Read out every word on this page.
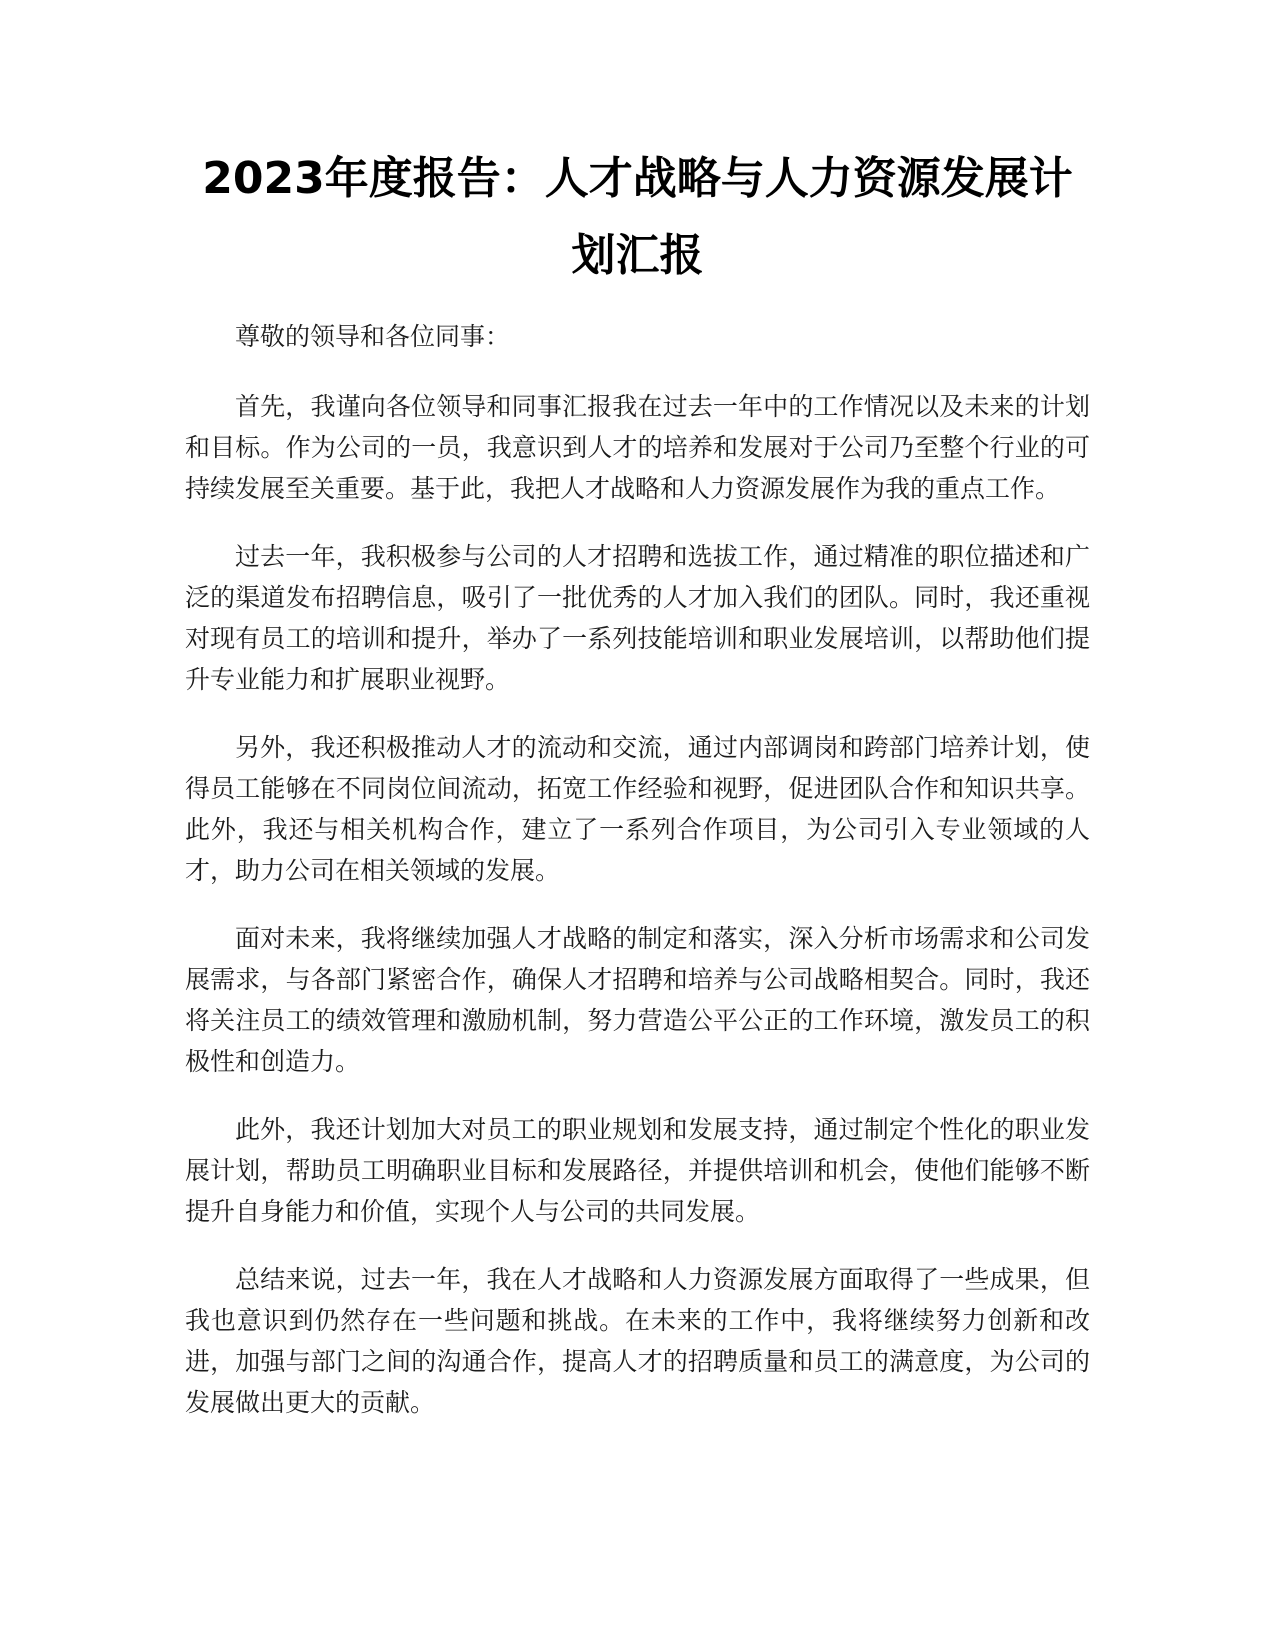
2023年度报告：人才战略与人力资源发展计划汇报

尊敬的领导和各位同事：

首先，我谨向各位领导和同事汇报我在过去一年中的工作情况以及未来的计划和目标。作为公司的一员，我意识到人才的培养和发展对于公司乃至整个行业的可持续发展至关重要。基于此，我把人才战略和人力资源发展作为我的重点工作。

过去一年，我积极参与公司的人才招聘和选拔工作，通过精准的职位描述和广泛的渠道发布招聘信息，吸引了一批优秀的人才加入我们的团队。同时，我还重视对现有员工的培训和提升，举办了一系列技能培训和职业发展培训，以帮助他们提升专业能力和扩展职业视野。

另外，我还积极推动人才的流动和交流，通过内部调岗和跨部门培养计划，使得员工能够在不同岗位间流动，拓宽工作经验和视野，促进团队合作和知识共享。此外，我还与相关机构合作，建立了一系列合作项目，为公司引入专业领域的人才，助力公司在相关领域的发展。

面对未来，我将继续加强人才战略的制定和落实，深入分析市场需求和公司发展需求，与各部门紧密合作，确保人才招聘和培养与公司战略相契合。同时，我还将关注员工的绩效管理和激励机制，努力营造公平公正的工作环境，激发员工的积极性和创造力。

此外，我还计划加大对员工的职业规划和发展支持，通过制定个性化的职业发展计划，帮助员工明确职业目标和发展路径，并提供培训和机会，使他们能够不断提升自身能力和价值，实现个人与公司的共同发展。

总结来说，过去一年，我在人才战略和人力资源发展方面取得了一些成果，但我也意识到仍然存在一些问题和挑战。在未来的工作中，我将继续努力创新和改进，加强与部门之间的沟通合作，提高人才的招聘质量和员工的满意度，为公司的发展做出更大的贡献。
